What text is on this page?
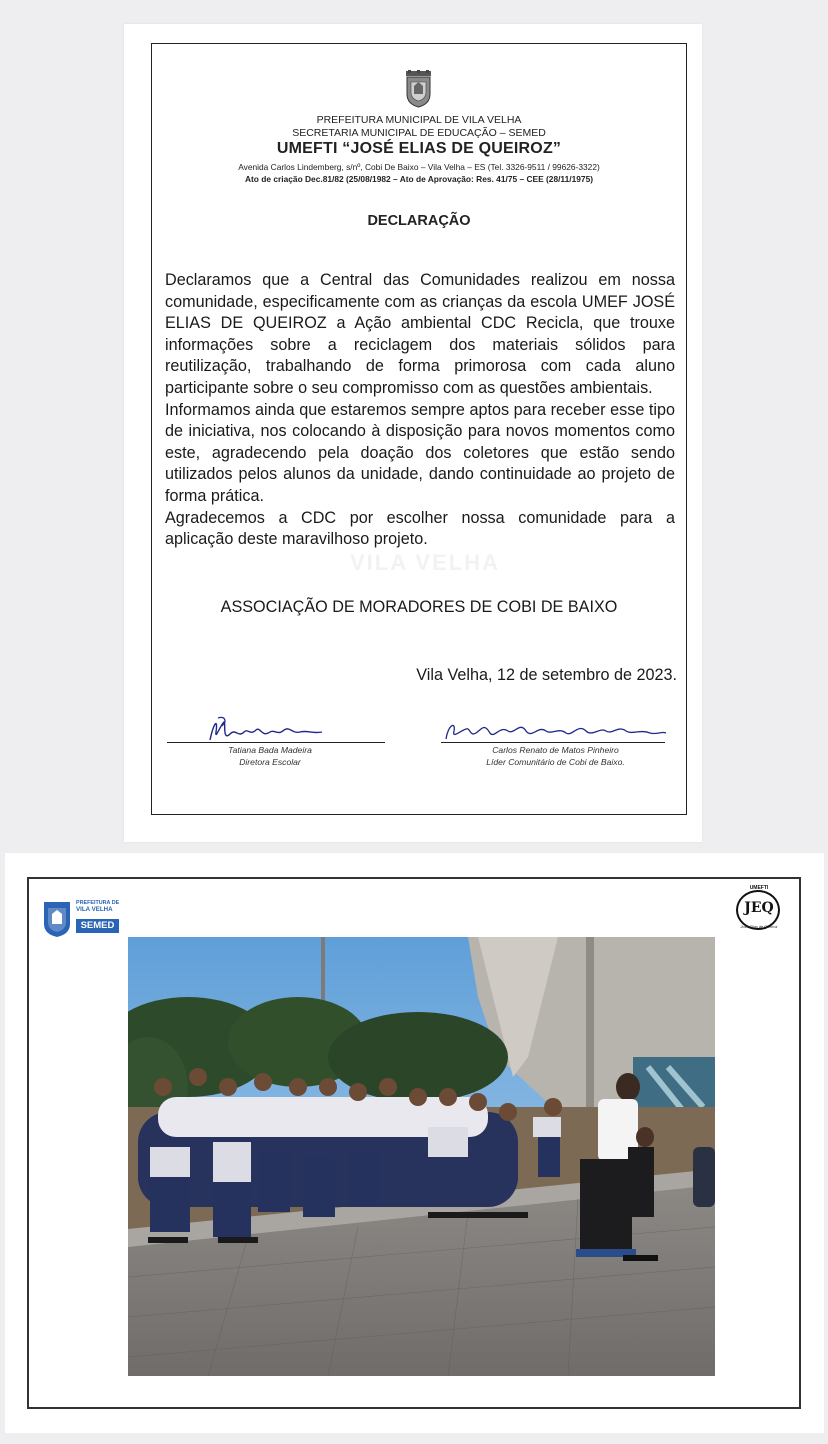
VILA VELHA
PREFEITURA MUNICIPAL DE VILA VELHA
SECRETARIA MUNICIPAL DE EDUCAÇÃO – SEMED
UMEFTI “JOSÉ ELIAS DE QUEIROZ”
Avenida Carlos Lindemberg, s/nº, Cobi De Baixo – Vila Velha – ES (Tel. 3326-9511 / 99626-3322)
Ato de criação Dec.81/82 (25/08/1982 – Ato de Aprovação: Res. 41/75 – CEE (28/11/1975)
DECLARAÇÃO

Declaramos que a Central das Comunidades realizou em nossa comunidade, especificamente com as crianças da escola UMEF JOSÉ ELIAS DE QUEIROZ a Ação ambiental CDC Recicla, que trouxe informações sobre a reciclagem dos materiais sólidos para reutilização, trabalhando de forma primorosa com cada aluno participante sobre o seu compromisso com as questões ambientais.

Informamos ainda que estaremos sempre aptos para receber esse tipo de iniciativa, nos colocando à disposição para novos momentos como este, agradecendo pela doação dos coletores que estão sendo utilizados pelos alunos da unidade, dando continuidade ao projeto de forma prática.

Agradecemos a CDC por escolher nossa comunidade para a aplicação deste maravilhoso projeto.

ASSOCIAÇÃO DE MORADORES DE COBI DE BAIXO
Vila Velha, 12 de setembro de 2023.
Tatiana Bada Madeira
Diretora Escolar
Carlos Renato de Matos Pinheiro
Líder Comunitário de Cobi de Baixo.
PREFEITURA DE
VILA VELHA
SEMED
UMEFTI
JEQ
José Elias de Queiroz
